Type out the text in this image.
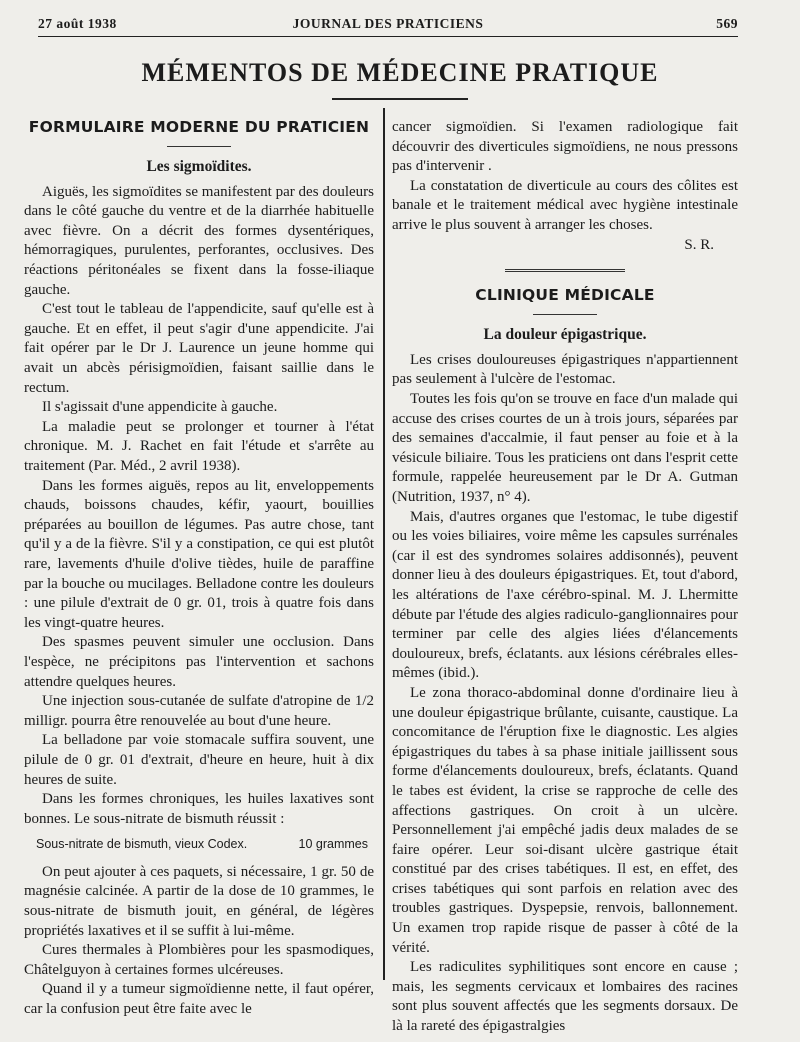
JOURNAL DES PRATICIENS
27 août 1938	569
MÉMENTOS DE MÉDECINE PRATIQUE
FORMULAIRE MODERNE DU PRATICIEN
Les sigmoïdites.

Aiguës, les sigmoïdites se manifestent par des douleurs dans le côté gauche du ventre et de la diarrhée habituelle avec fièvre. On a décrit des formes dysentériques, hémorragiques, purulentes, perforantes, occlusives. Des réactions péritonéales se fixent dans la fosse-iliaque gauche.

C'est tout le tableau de l'appendicite, sauf qu'elle est à gauche. Et en effet, il peut s'agir d'une appendicite. J'ai fait opérer par le Dr J. Laurence un jeune homme qui avait un abcès périsigmoïdien, faisant saillie dans le rectum.

Il s'agissait d'une appendicite à gauche.

La maladie peut se prolonger et tourner à l'état chronique. M. J. Rachet en fait l'étude et s'arrête au traitement (Par. Méd., 2 avril 1938).

Dans les formes aiguës, repos au lit, enveloppements chauds, boissons chaudes, kéfir, yaourt, bouillies préparées au bouillon de légumes. Pas autre chose, tant qu'il y a de la fièvre. S'il y a constipation, ce qui est plutôt rare, lavements d'huile d'olive tièdes, huile de paraffine par la bouche ou mucilages. Belladone contre les douleurs : une pilule d'extrait de 0 gr. 01, trois à quatre fois dans les vingt-quatre heures.

Des spasmes peuvent simuler une occlusion. Dans l'espèce, ne précipitons pas l'intervention et sachons attendre quelques heures.

Une injection sous-cutanée de sulfate d'atropine de 1/2 milligr. pourra être renouvelée au bout d'une heure.

La belladone par voie stomacale suffira souvent, une pilule de 0 gr. 01 d'extrait, d'heure en heure, huit à dix heures de suite.

Dans les formes chroniques, les huiles laxatives sont bonnes. Le sous-nitrate de bismuth réussit :

Sous-nitrate de bismuth, vieux Codex.	10 grammes

On peut ajouter à ces paquets, si nécessaire, 1 gr. 50 de magnésie calcinée. A partir de la dose de 10 grammes, le sous-nitrate de bismuth jouit, en général, de légères propriétés laxatives et il se suffit à lui-même.

Cures thermales à Plombières pour les spasmodiques, Châtelguyon à certaines formes ulcéreuses.

Quand il y a tumeur sigmoïdienne nette, il faut opérer, car la confusion peut être faite avec le

cancer sigmoïdien. Si l'examen radiologique fait découvrir des diverticules sigmoïdiens, ne nous pressons pas d'intervenir .

La constatation de diverticule au cours des côlites est banale et le traitement médical avec hygiène intestinale arrive le plus souvent à arranger les choses.

S. R.
CLINIQUE MÉDICALE
La douleur épigastrique.

Les crises douloureuses épigastriques n'appartiennent pas seulement à l'ulcère de l'estomac.

Toutes les fois qu'on se trouve en face d'un malade qui accuse des crises courtes de un à trois jours, séparées par des semaines d'accalmie, il faut penser au foie et à la vésicule biliaire. Tous les praticiens ont dans l'esprit cette formule, rappelée heureusement par le Dr A. Gutman (Nutrition, 1937, n° 4).

Mais, d'autres organes que l'estomac, le tube digestif ou les voies biliaires, voire même les capsules surrénales (car il est des syndromes solaires addisonnés), peuvent donner lieu à des douleurs épigastriques. Et, tout d'abord, les altérations de l'axe cérébro-spinal. M. J. Lhermitte débute par l'étude des algies radiculo-ganglionnaires pour terminer par celle des algies liées d'élancements douloureux, brefs, éclatants. aux lésions cérébrales elles-mêmes (ibid.).

Le zona thoraco-abdominal donne d'ordinaire lieu à une douleur épigastrique brûlante, cuisante, caustique. La concomitance de l'éruption fixe le diagnostic. Les algies épigastriques du tabes à sa phase initiale jaillissent sous forme d'élancements douloureux, brefs, éclatants. Quand le tabes est évident, la crise se rapproche de celle des affections gastriques. On croit à un ulcère. Personnellement j'ai empêché jadis deux malades de se faire opérer. Leur soi-disant ulcère gastrique était constitué par des crises tabétiques. Il est, en effet, des crises tabétiques qui sont parfois en relation avec des troubles gastriques. Dyspepsie, renvois, ballonnement. Un examen trop rapide risque de passer à côté de la vérité.

Les radiculites syphilitiques sont encore en cause ; mais, les segments cervicaux et lombaires des racines sont plus souvent affectés que les segments dorsaux. De là la rareté des épigastralgies
